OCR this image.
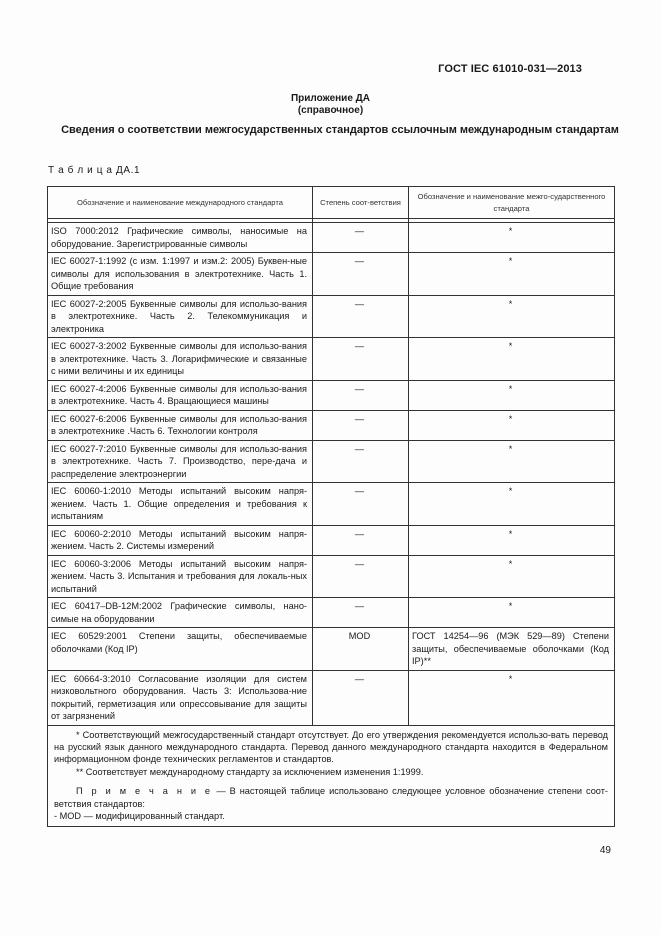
ГОСТ IEC 61010-031—2013
Приложение ДА
(справочное)
Сведения о соответствии межгосударственных стандартов ссылочным международным стандартам
Т а б л и ц а ДА.1
Обозначение и наименование международного стандарта	Степень соот-ветствия	Обозначение и наименование межго-сударственного стандарта

ISO 7000:2012 Графические символы, наносимые на оборудование. Зарегистрированные символы	—	*
IEC 60027-1:1992 (с изм. 1:1997 и изм.2: 2005) Буквен-ные символы для использования в электротехнике. Часть 1. Общие требования	—	*
IEC 60027-2:2005 Буквенные символы для использо-вания в электротехнике. Часть 2. Телекоммуникация и электроника	—	*
IEC 60027-3:2002 Буквенные символы для использо-вания в электротехнике. Часть 3. Логарифмические и связанные с ними величины и их единицы	—	*
IEC 60027-4:2006 Буквенные символы для использо-вания в электротехнике. Часть 4. Вращающиеся машины	—	*
IEC 60027-6:2006 Буквенные символы для использо-вания в электротехнике .Часть 6. Технологии контроля	—	*
IEC 60027-7:2010 Буквенные символы для использо-вания в электротехнике. Часть 7. Производство, пере-дача и распределение электроэнергии	—	*
IEC 60060-1:2010 Методы испытаний высоким напря-жением. Часть 1. Общие определения и требования к испытаниям	—	*
IEC 60060-2:2010 Методы испытаний высоким напря-жением. Часть 2. Системы измерений	—	*
IEC 60060-3:2006 Методы испытаний высоким напря-жением. Часть 3. Испытания и требования для локаль-ных испытаний	—	*
IEC 60417–DB-12M:2002 Графические символы, нано-симые на оборудовании	—	*
IEC 60529:2001 Степени защиты, обеспечиваемые оболочками (Код IP)	MOD	ГОСТ 14254—96 (МЭК 529—89) Степени защиты, обеспечиваемые оболочками (Код IP)**
IEC 60664-3:2010 Согласование изоляции для систем низковольтного оборудования. Часть 3: Использова-ние покрытий, герметизация или опрессовывание для защиты от загрязнений	—	*

* Соответствующий межгосударственный стандарт отсутствует. До его утверждения рекомендуется использо-вать перевод на русский язык данного международного стандарта. Перевод данного международного стандарта находится в Федеральном информационном фонде технических регламентов и стандартов.

** Соответствует международному стандарту за исключением изменения 1:1999.

П р и м е ч а н и е — В настоящей таблице использовано следующее условное обозначение степени соот-ветствия стандартов:

- MOD — модифицированный стандарт.		

49
